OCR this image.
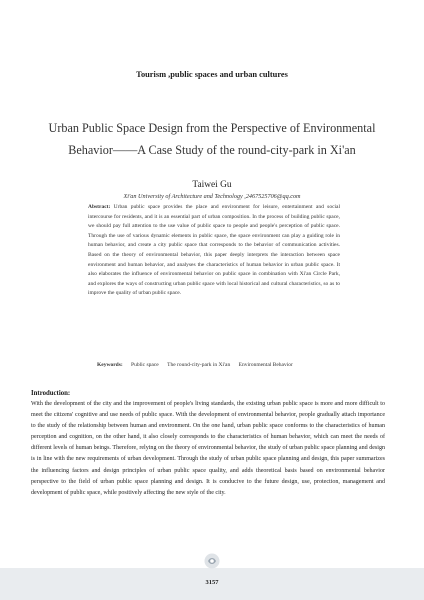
Tourism ,public spaces and urban cultures
Urban Public Space Design from the Perspective of Environmental Behavior——A Case Study of the round-city-park in Xi'an
Taiwei Gu
Xi'an University of Architecture and Technology ,2467525706@qq.com

Abstract: Urban public space provides the place and environment for leisure, entertainment and social intercourse for residents, and it is an essential part of urban composition. In the process of building public space, we should pay full attention to the use value of public space to people and people's perception of public space. Through the use of various dynamic elements in public space, the space environment can play a guiding role in human behavior, and create a city public space that corresponds to the behavior of communication activities. Based on the theory of environmental behavior, this paper deeply interprets the interaction between space environment and human behavior, and analyses the characteristics of human behavior in urban public space. It also elaborates the influence of environmental behavior on public space in combination with Xi'an Circle Park, and explores the ways of constructing urban public space with local historical and cultural characteristics, so as to improve the quality of urban public space.

Keywords: Public space The round-city-park in Xi'an Environmental Behavior
Introduction:

With the development of the city and the improvement of people's living standards, the existing urban public space is more and more difficult to meet the citizens' cognitive and use needs of public space. With the development of environmental behavior, people gradually attach importance to the study of the relationship between human and environment. On the one hand, urban public space conforms to the characteristics of human perception and cognition, on the other hand, it also closely corresponds to the characteristics of human behavior, which can meet the needs of different levels of human beings. Therefore, relying on the theory of environmental behavior, the study of urban public space planning and design is in line with the new requirements of urban development. Through the study of urban public space planning and design, this paper summarizes the influencing factors and design principles of urban public space quality, and adds theoretical basis based on environmental behavior perspective to the field of urban public space planning and design. It is conducive to the future design, use, protection, management and development of public space, while positively affecting the new style of the city.

3157
